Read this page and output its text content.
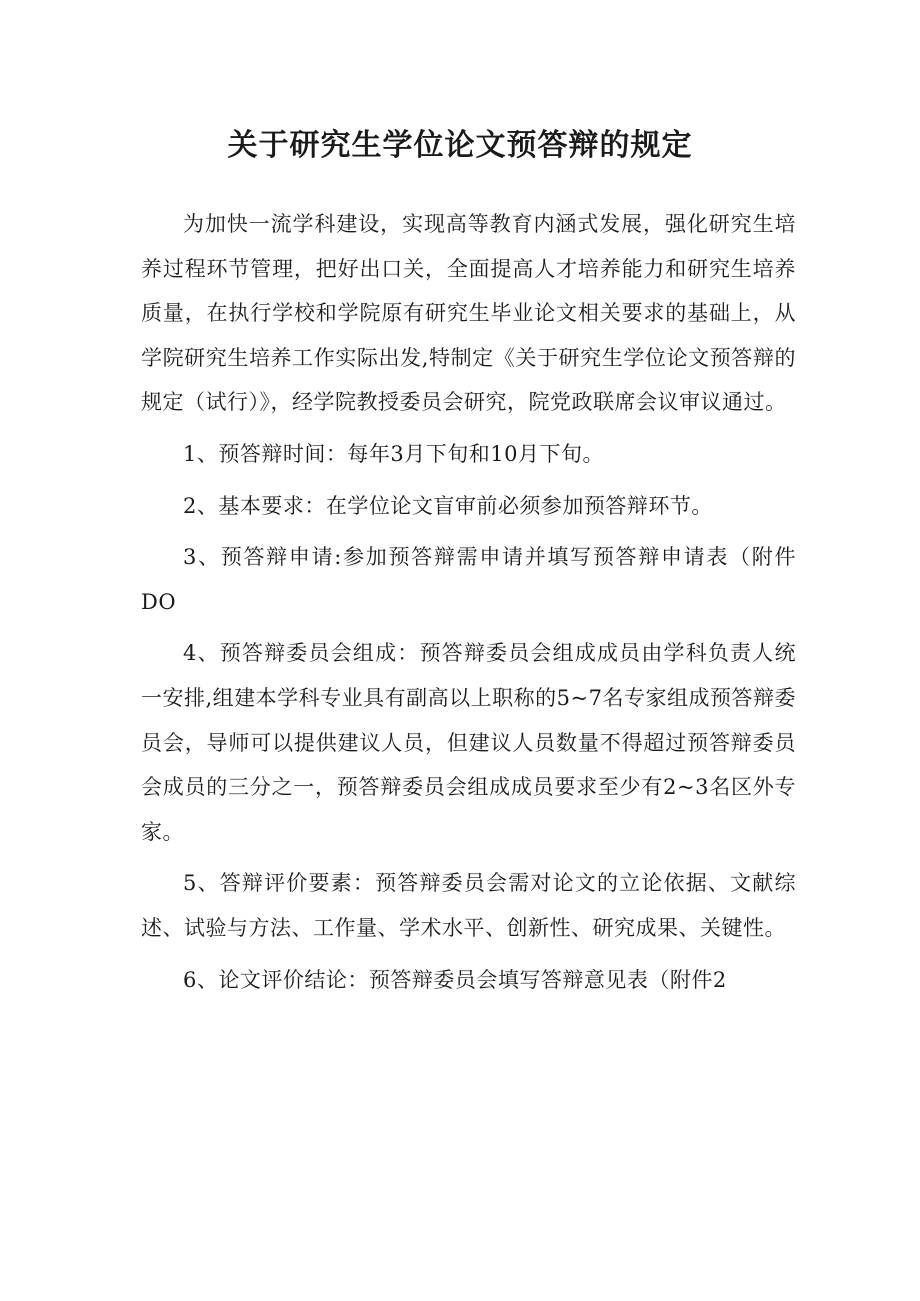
关于研究生学位论文预答辩的规定

为加快一流学科建设，实现高等教育内涵式发展，强化研究生培养过程环节管理，把好出口关，全面提高人才培养能力和研究生培养质量，在执行学校和学院原有研究生毕业论文相关要求的基础上，从学院研究生培养工作实际出发,特制定《关于研究生学位论文预答辩的规定（试行）》，经学院教授委员会研究，院党政联席会议审议通过。

1、预答辩时间：每年3月下旬和10月下旬。

2、基本要求：在学位论文盲审前必须参加预答辩环节。

3、预答辩申请:参加预答辩需申请并填写预答辩申请表（附件DO

4、预答辩委员会组成：预答辩委员会组成成员由学科负责人统一安排,组建本学科专业具有副高以上职称的5~7名专家组成预答辩委员会，导师可以提供建议人员，但建议人员数量不得超过预答辩委员会成员的三分之一，预答辩委员会组成成员要求至少有2~3名区外专家。

5、答辩评价要素：预答辩委员会需对论文的立论依据、文献综述、试验与方法、工作量、学术水平、创新性、研究成果、关键性。

6、论文评价结论：预答辩委员会填写答辩意见表（附件2
